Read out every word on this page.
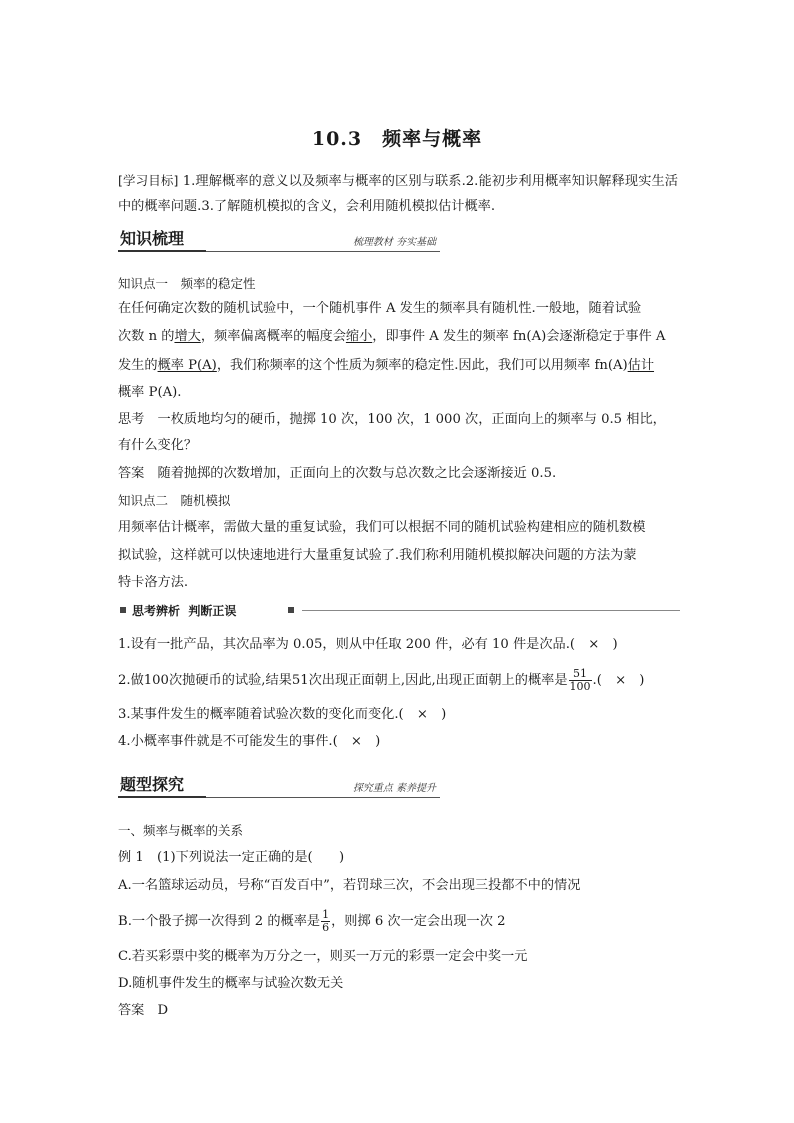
10.3　频率与概率
[学习目标] 1.理解概率的意义以及频率与概率的区别与联系.2.能初步利用概率知识解释现实生活中的概率问题.3.了解随机模拟的含义，会利用随机模拟估计概率.
知识梳理	梳理教材 夯实基础
知识点一　频率的稳定性
在任何确定次数的随机试验中，一个随机事件 A 发生的频率具有随机性.一般地，随着试验
次数 n 的增大，频率偏离概率的幅度会缩小，即事件 A 发生的频率 fn(A)会逐渐稳定于事件 A
发生的概率 P(A)，我们称频率的这个性质为频率的稳定性.因此，我们可以用频率 fn(A)估计
概率 P(A).
思考　一枚质地均匀的硬币，抛掷 10 次，100 次，1 000 次，正面向上的频率与 0.5 相比，
有什么变化？
答案　随着抛掷的次数增加，正面向上的次数与总次数之比会逐渐接近 0.5.
知识点二　随机模拟
用频率估计概率，需做大量的重复试验，我们可以根据不同的随机试验构建相应的随机数模
拟试验，这样就可以快速地进行大量重复试验了.我们称利用随机模拟解决问题的方法为蒙
特卡洛方法.
思考辨析 判断正误
1.设有一批产品，其次品率为 0.05，则从中任取 200 件，必有 10 件是次品.(　×　)
2.做100次抛硬币的试验,结果51次出现正面朝上,因此,出现正面朝上的概率是 $\frac{51}{100}$ .(　×　)
3.某事件发生的概率随着试验次数的变化而变化.(　×　)
4.小概率事件就是不可能发生的事件.(　×　)
题型探究	探究重点 素养提升
一、频率与概率的关系
例 1　(1)下列说法一定正确的是(　　)
A.一名篮球运动员，号称“百发百中”，若罚球三次，不会出现三投都不中的情况
B.一个骰子掷一次得到 2 的概率是 $\frac{1}{6}$ ，则掷 6 次一定会出现一次 2
C.若买彩票中奖的概率为万分之一，则买一万元的彩票一定会中奖一元
D.随机事件发生的概率与试验次数无关
答案　D
